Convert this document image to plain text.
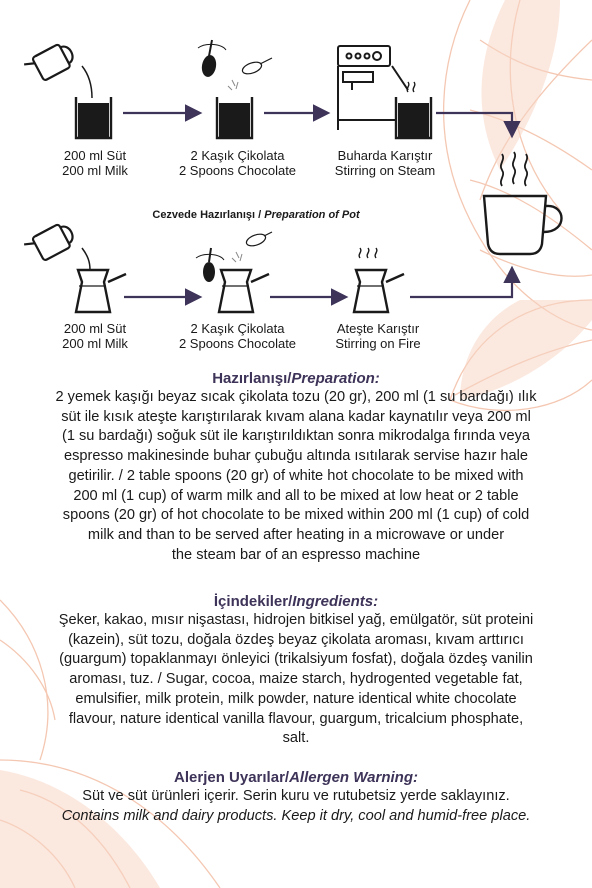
200 ml Süt
200 ml Milk
2 Kaşık Çikolata
2 Spoons Chocolate
Buharda Karıştır
Stirring on Steam
Cezvede Hazırlanışı / Preparation of Pot
200 ml Süt
200 ml Milk
2 Kaşık Çikolata
2 Spoons Chocolate
Ateşte Karıştır
Stirring on Fire
Hazırlanışı/Preparation:
2 yemek kaşığı beyaz sıcak çikolata tozu (20 gr), 200 ml (1 su bardağı) ılık
süt ile kısık ateşte karıştırılarak kıvam alana kadar kaynatılır veya 200 ml
(1 su bardağı) soğuk süt ile karıştırıldıktan sonra mikrodalga fırında veya
espresso makinesinde buhar çubuğu altında ısıtılarak servise hazır hale
getirilir. / 2 table spoons (20 gr) of white hot chocolate to be mixed with
200 ml (1 cup) of warm milk and all to be mixed at low heat or 2 table
spoons (20 gr) of hot chocolate to be mixed within 200 ml (1 cup) of cold
milk and than to be served after heating in a microwave or under
the steam bar of an espresso machine
İçindekiler/Ingredients:
Şeker, kakao, mısır nişastası, hidrojen bitkisel yağ, emülgatör, süt proteini
(kazein), süt tozu, doğala özdeş beyaz çikolata aroması, kıvam arttırıcı
(guargum) topaklanmayı önleyici (trikalsiyum fosfat), doğala özdeş vanilin
aroması, tuz. / Sugar, cocoa, maize starch, hydrogented vegetable fat,
emulsifier, milk protein, milk powder, nature identical white chocolate
flavour, nature identical vanilla flavour, guargum, tricalcium phosphate,
salt.
Alerjen Uyarılar/Allergen Warning:
Süt ve süt ürünleri içerir. Serin kuru ve rutubetsiz yerde saklayınız.
Contains milk and dairy products. Keep it dry, cool and humid-free place.
